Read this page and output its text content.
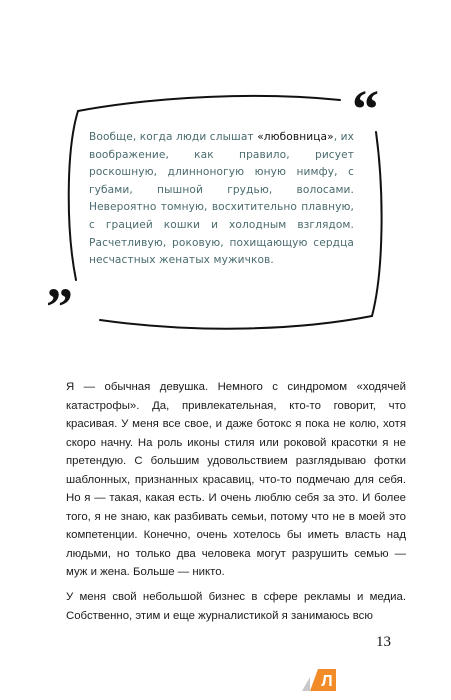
“
”
Вообще, когда люди слышат «любовница», их воображение, как правило, рисует роскошную, длинноногую юную нимфу, с губами, пышной грудью, волосами. Невероятно томную, восхитительно плавную, с грацией кошки и холодным взглядом. Расчетливую, роковую, похищающую сердца несчастных женатых мужичков.

Я — обычная девушка. Немного с синдромом «ходячей катастрофы». Да, привлекательная, кто-то говорит, что красивая. У меня все свое, и даже ботокс я пока не колю, хотя скоро начну. На роль иконы стиля или роковой красотки я не претендую. С большим удовольствием разглядываю фотки шаблонных, признанных красавиц, что-то подмечаю для себя. Но я — такая, какая есть. И очень люблю себя за это. И более того, я не знаю, как разбивать семьи, потому что не в моей это компетенции. Конечно, очень хотелось бы иметь власть над людьми, но только два человека могут разрушить семью — муж и жена. Больше — никто.

У меня свой небольшой бизнес в сфере рекламы и медиа. Собственно, этим и еще журналистикой я занимаюсь всю

13
Л
